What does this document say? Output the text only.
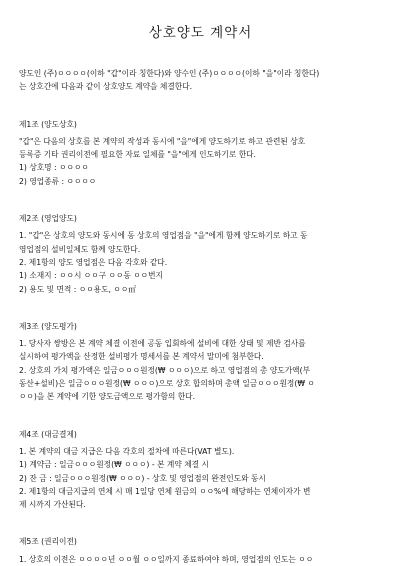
상호양도 계약서
양도인 (주)ㅇㅇㅇㅇ(이하 "갑"이라 칭한다)와 양수인 (주)ㅇㅇㅇㅇ(이하 "을"이라 칭한다)
는 상호간에 다음과 같이 상호양도 계약을 체결한다.
제1조 (양도상호)
"갑"은 다음의 상호를 본 계약의 작성과 동시에 "을"에게 양도하기로 하고 관련된 상호
등록증 기타 권리이전에 필요한 자료 일체를 "을"에게 인도하기로 한다.
1) 상호명 : ㅇㅇㅇㅇ
2) 영업종류 : ㅇㅇㅇㅇ
제2조 (영업양도)
1. "갑"은 상호의 양도와 동시에 동 상호의 영업점을 "을"에게 함께 양도하기로 하고 동
영업점의 설비일체도 함께 양도한다.
2. 제1항의 양도 영업점은 다음 각호와 같다.
1) 소재지 : ㅇㅇ시 ㅇㅇ구 ㅇㅇ동 ㅇㅇ번지
2) 용도 및 면적 : ㅇㅇ용도, ㅇㅇ㎡
제3조 (양도평가)
1. 당사자 쌍방은 본 계약 체결 이전에 공동 입회하에 설비에 대한 상태 및 제반 검사를
실시하여 평가액을 산정한 설비평가 명세서를 본 계약서 말미에 첨부한다.
2. 상호의 가치 평가액은 일금ㅇㅇㅇ원정(₩ ㅇㅇㅇ)으로 하고 영업점의 총 양도가액(부
동산+설비)은 일금ㅇㅇㅇ원정(₩ ㅇㅇㅇ)으로 상호 합의하며 총액 일금ㅇㅇㅇ원정(₩ ㅇ
ㅇㅇ)을 본 계약에 기한 양도금액으로 평가함의 한다.
제4조 (대금결제)
1. 본 계약의 대금 지급은 다음 각호의 절차에 따른다(VAT 별도).
1) 계약금 : 일금ㅇㅇㅇ원정(₩ ㅇㅇㅇ) - 본 계약 체결 시
2) 잔 금 : 일금ㅇㅇㅇ원정(₩ ㅇㅇㅇ) - 상호 및 영업점의 완전인도와 동시
2. 제1항의 대금지급의 연체 시 매 1일당 연체 원금의 ㅇㅇ%에 해당하는 연체이자가 변
제 시까지 가산된다.
제5조 (권리이전)
1. 상호의 이전은 ㅇㅇㅇㅇ년 ㅇㅇ월 ㅇㅇ일까지 종료하여야 하며, 영업점의 인도는 ㅇㅇ
